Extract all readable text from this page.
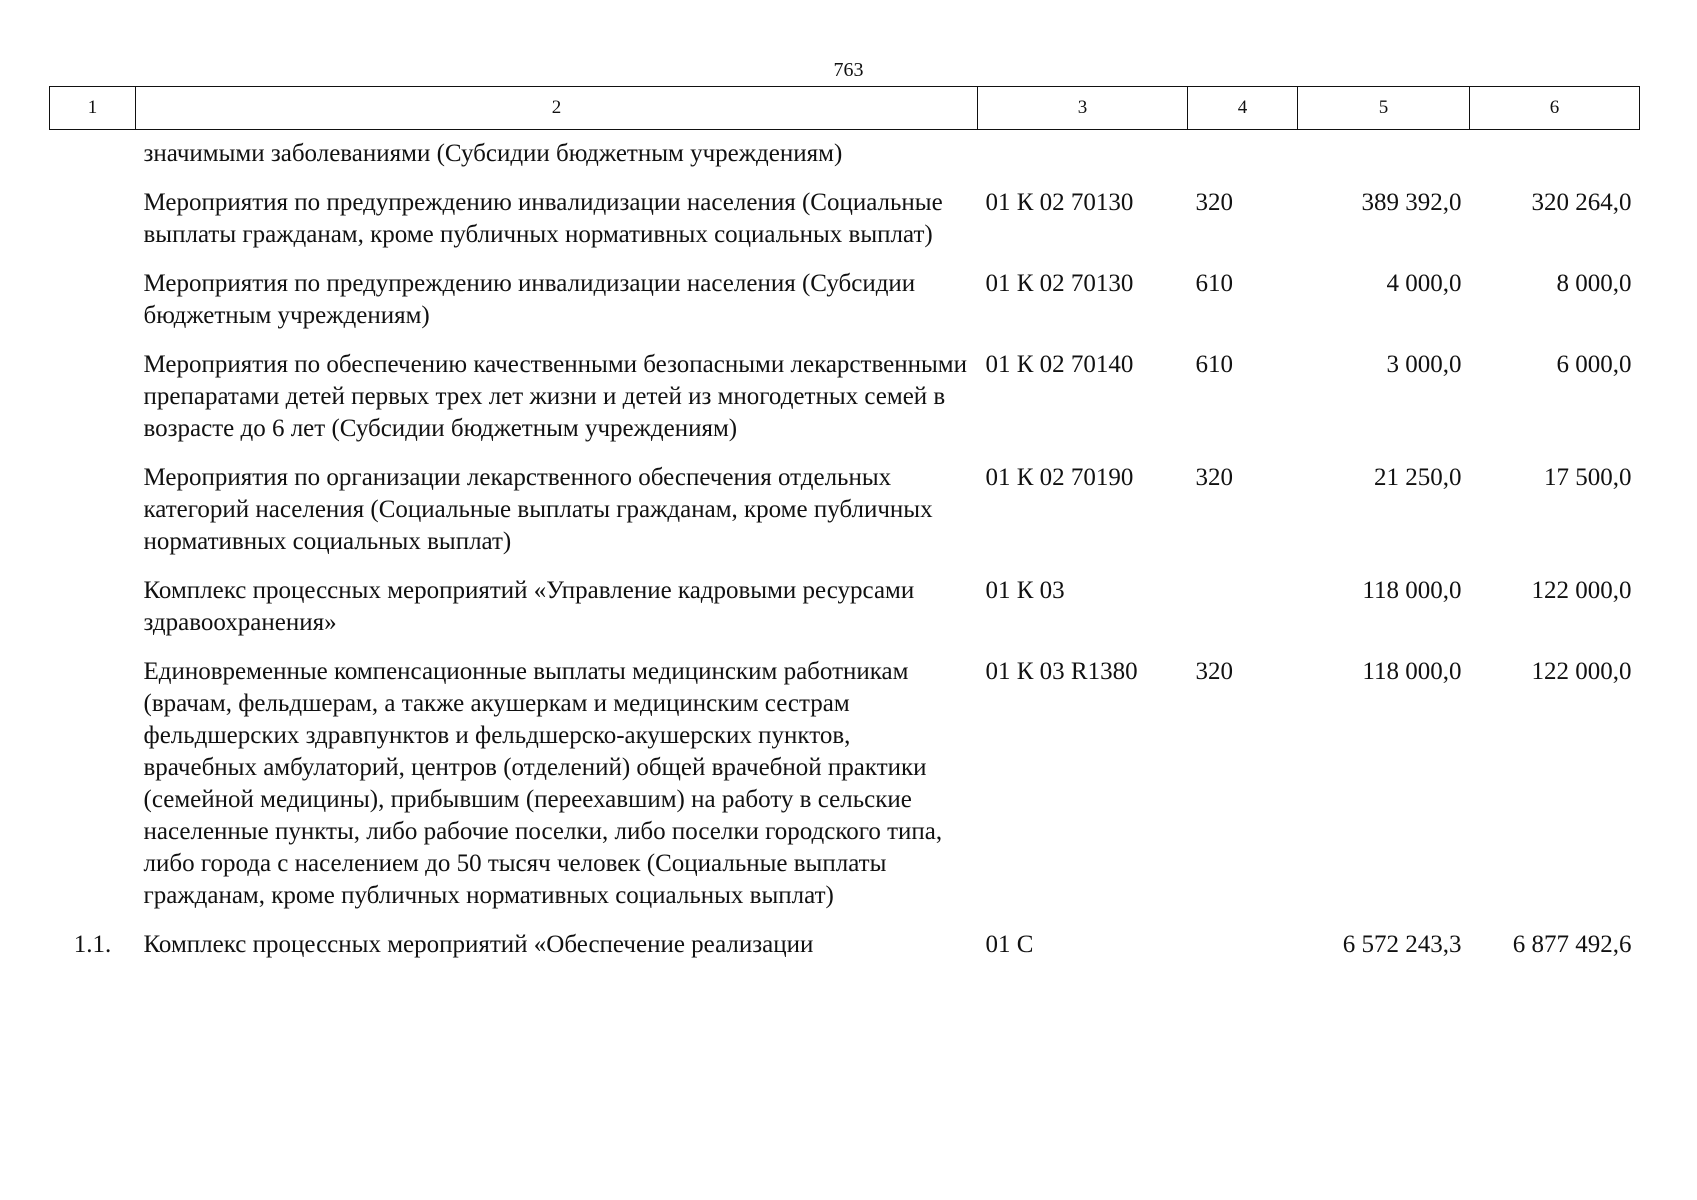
763
1	2	3	4	5	6
	значимыми заболеваниями (Субсидии бюджетным учреждениям)				
	Мероприятия по предупреждению инвалидизации населения (Социальные выплаты гражданам, кроме публичных нормативных социальных выплат)	01 К 02 70130	320	389 392,0	320 264,0
	Мероприятия по предупреждению инвалидизации населения (Субсидии бюджетным учреждениям)	01 К 02 70130	610	4 000,0	8 000,0
	Мероприятия по обеспечению качественными безопасными лекарственными препаратами детей первых трех лет жизни и детей из многодетных семей в возрасте до 6 лет (Субсидии бюджетным учреждениям)	01 К 02 70140	610	3 000,0	6 000,0
	Мероприятия по организации лекарственного обеспечения отдельных категорий населения (Социальные выплаты гражданам, кроме публичных нормативных социальных выплат)	01 К 02 70190	320	21 250,0	17 500,0
	Комплекс процессных мероприятий «Управление кадровыми ресурсами здравоохранения»	01 К 03		118 000,0	122 000,0
	Единовременные компенсационные выплаты медицинским работникам (врачам, фельдшерам, а также акушеркам и медицинским сестрам фельдшерских здравпунктов и фельдшерско-акушерских пунктов, врачебных амбулаторий, центров (отделений) общей врачебной практики (семейной медицины), прибывшим (переехавшим) на работу в сельские населенные пункты, либо рабочие поселки, либо поселки городского типа, либо города с населением до 50 тысяч человек (Социальные выплаты гражданам, кроме публичных нормативных социальных выплат)	01 К 03 R1380	320	118 000,0	122 000,0
1.1.	Комплекс процессных мероприятий «Обеспечение реализации	01 С		6 572 243,3	6 877 492,6
